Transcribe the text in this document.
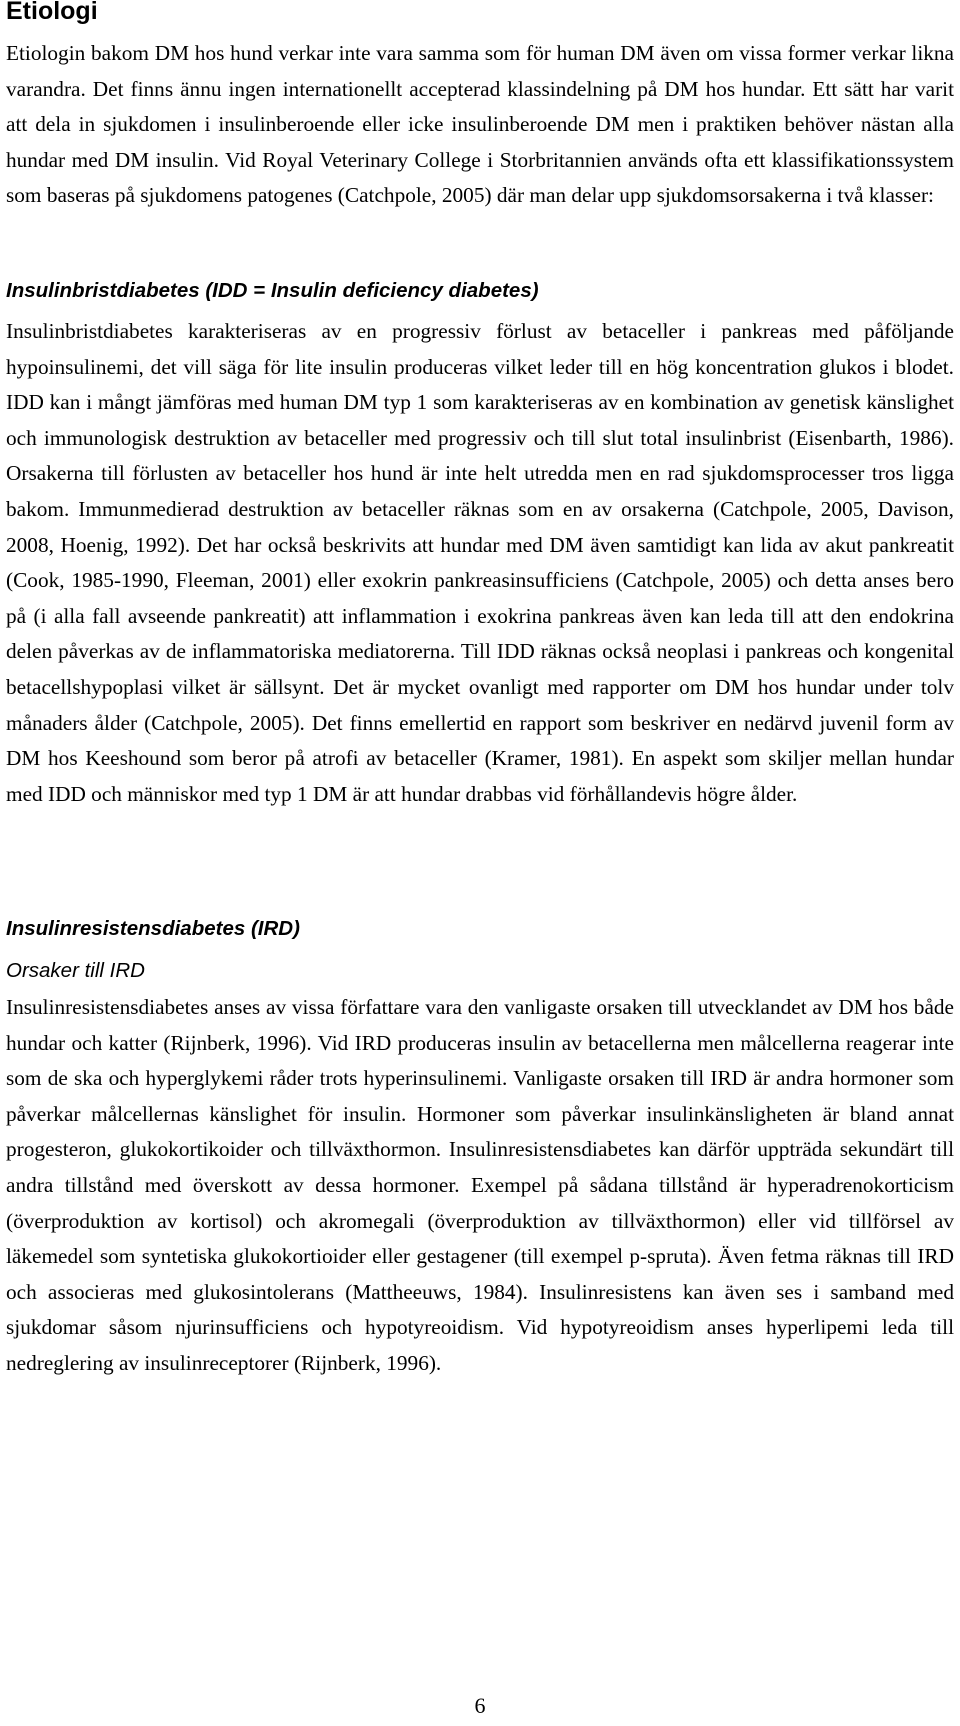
Etiologi

Etiologin bakom DM hos hund verkar inte vara samma som för human DM även om vissa former verkar likna varandra. Det finns ännu ingen internationellt accepterad klassindelning på DM hos hundar. Ett sätt har varit att dela in sjukdomen i insulinberoende eller icke insulinberoende DM men i praktiken behöver nästan alla hundar med DM insulin. Vid Royal Veterinary College i Storbritannien används ofta ett klassifikationssystem som baseras på sjukdomens patogenes (Catchpole, 2005) där man delar upp sjukdomsorsakerna i två klasser:

Insulinbristdiabetes (IDD = Insulin deficiency diabetes)

Insulinbristdiabetes karakteriseras av en progressiv förlust av betaceller i pankreas med påföljande hypoinsulinemi, det vill säga för lite insulin produceras vilket leder till en hög koncentration glukos i blodet. IDD kan i mångt jämföras med human DM typ 1 som karakteriseras av en kombination av genetisk känslighet och immunologisk destruktion av betaceller med progressiv och till slut total insulinbrist (Eisenbarth, 1986). Orsakerna till förlusten av betaceller hos hund är inte helt utredda men en rad sjukdomsprocesser tros ligga bakom. Immunmedierad destruktion av betaceller räknas som en av orsakerna (Catchpole, 2005, Davison, 2008, Hoenig, 1992). Det har också beskrivits att hundar med DM även samtidigt kan lida av akut pankreatit (Cook, 1985-1990, Fleeman, 2001) eller exokrin pankreasinsufficiens (Catchpole, 2005) och detta anses bero på (i alla fall avseende pankreatit) att inflammation i exokrina pankreas även kan leda till att den endokrina delen påverkas av de inflammatoriska mediatorerna. Till IDD räknas också neoplasi i pankreas och kongenital betacellshypoplasi vilket är sällsynt. Det är mycket ovanligt med rapporter om DM hos hundar under tolv månaders ålder (Catchpole, 2005). Det finns emellertid en rapport som beskriver en nedärvd juvenil form av DM hos Keeshound som beror på atrofi av betaceller (Kramer, 1981). En aspekt som skiljer mellan hundar med IDD och människor med typ 1 DM är att hundar drabbas vid förhållandevis högre ålder.

Insulinresistensdiabetes (IRD)
Orsaker till IRD

Insulinresistensdiabetes anses av vissa författare vara den vanligaste orsaken till utvecklandet av DM hos både hundar och katter (Rijnberk, 1996). Vid IRD produceras insulin av betacellerna men målcellerna reagerar inte som de ska och hyperglykemi råder trots hyperinsulinemi. Vanligaste orsaken till IRD är andra hormoner som påverkar målcellernas känslighet för insulin. Hormoner som påverkar insulinkänsligheten är bland annat progesteron, glukokortikoider och tillväxthormon. Insulinresistensdiabetes kan därför uppträda sekundärt till andra tillstånd med överskott av dessa hormoner. Exempel på sådana tillstånd är hyperadrenokorticism (överproduktion av kortisol) och akromegali (överproduktion av tillväxthormon) eller vid tillförsel av läkemedel som syntetiska glukokortioider eller gestagener (till exempel p-spruta). Även fetma räknas till IRD och associeras med glukosintolerans (Mattheeuws, 1984). Insulinresistens kan även ses i samband med sjukdomar såsom njurinsufficiens och hypotyreoidism. Vid hypotyreoidism anses hyperlipemi leda till nedreglering av insulinreceptorer (Rijnberk, 1996).

6
